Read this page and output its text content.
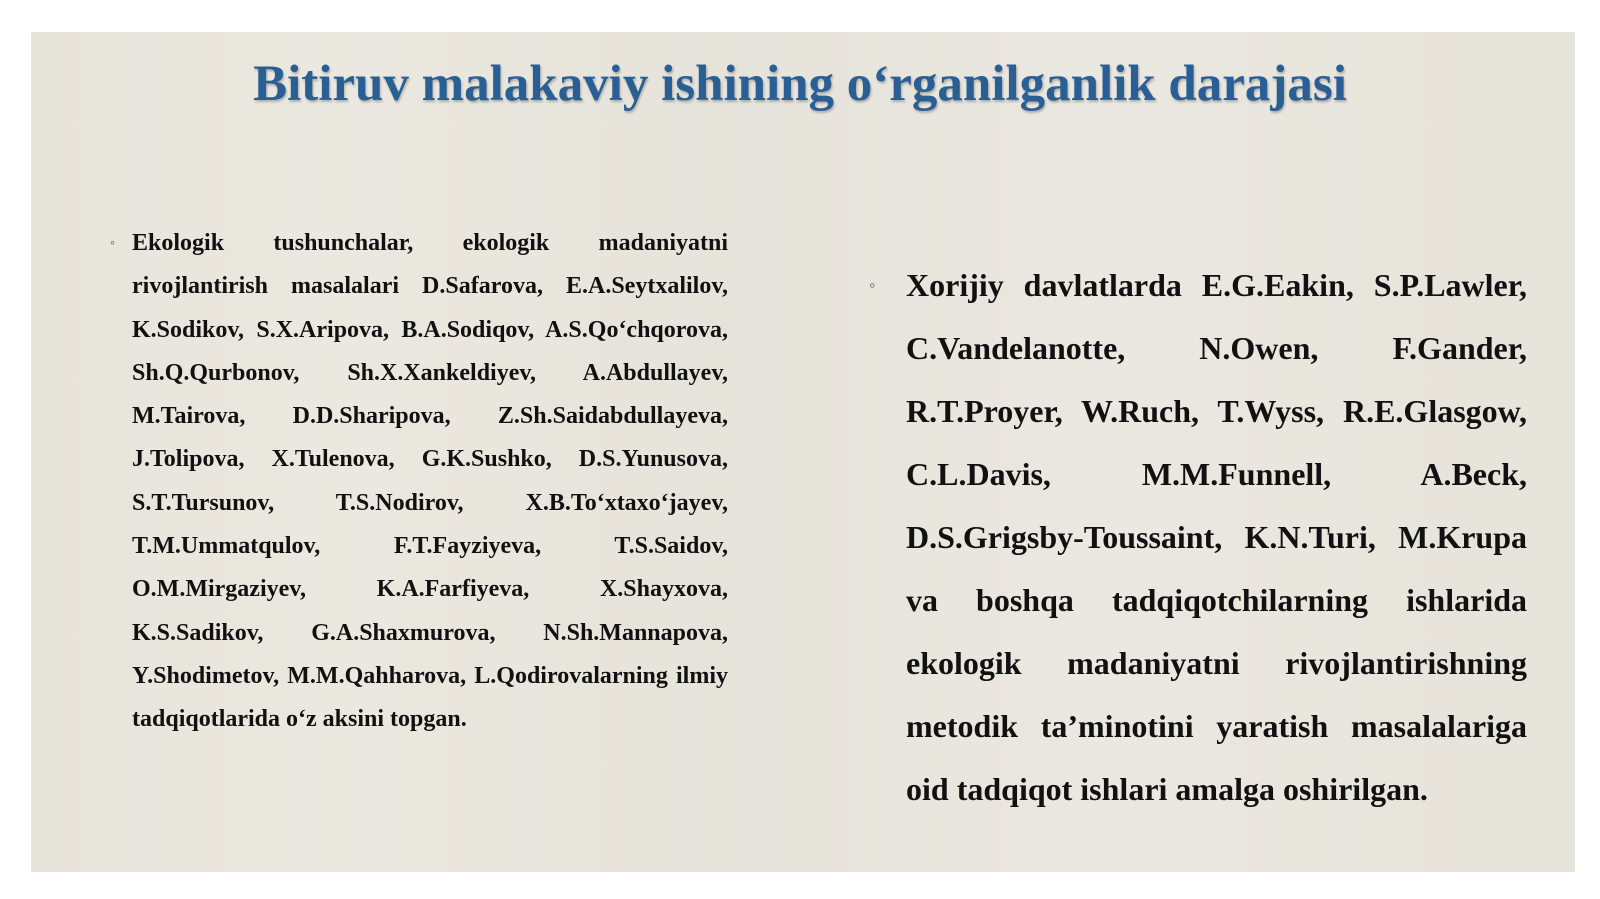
Bitiruv malakaviy ishining o‘rganilganlik darajasi
◦ Ekologik tushunchalar, ekologik madaniyatni rivojlantirish masalalari D.Safarova, E.A.Seytxalilov, K.Sodikov, S.X.Aripova, B.A.Sodiqov, A.S.Qo‘chqorova, Sh.Q.Qurbonov, Sh.X.Xankeldiyev, A.Abdullayev, M.Tairova, D.D.Sharipova, Z.Sh.Saidabdullayeva, J.Tolipova, X.Tulenova, G.K.Sushko, D.S.Yunusova, S.T.Tursunov, T.S.Nodirov, X.B.To‘xtaxo‘jayev, T.M.Ummatqulov, F.T.Fayziyeva, T.S.Saidov, O.M.Mirgaziyev, K.A.Farfiyeva, X.Shayxova, K.S.Sadikov, G.A.Shaxmurova, N.Sh.Mannapova, Y.Shodimetov, M.M.Qahharova, L.Qodirovalarning ilmiy tadqiqotlarida o‘z aksini topgan.
◦ Xorijiy davlatlarda E.G.Eakin, S.P.Lawler, C.Vandelanotte, N.Owen, F.Gander, R.T.Proyer, W.Ruch, T.Wyss, R.E.Glasgow, C.L.Davis, M.M.Funnell, A.Beck, D.S.Grigsby-Toussaint, K.N.Turi, M.Krupa va boshqa tadqiqotchilarning ishlarida ekologik madaniyatni rivojlantirishning metodik ta’minotini yaratish masalalariga oid tadqiqot ishlari amalga oshirilgan.
